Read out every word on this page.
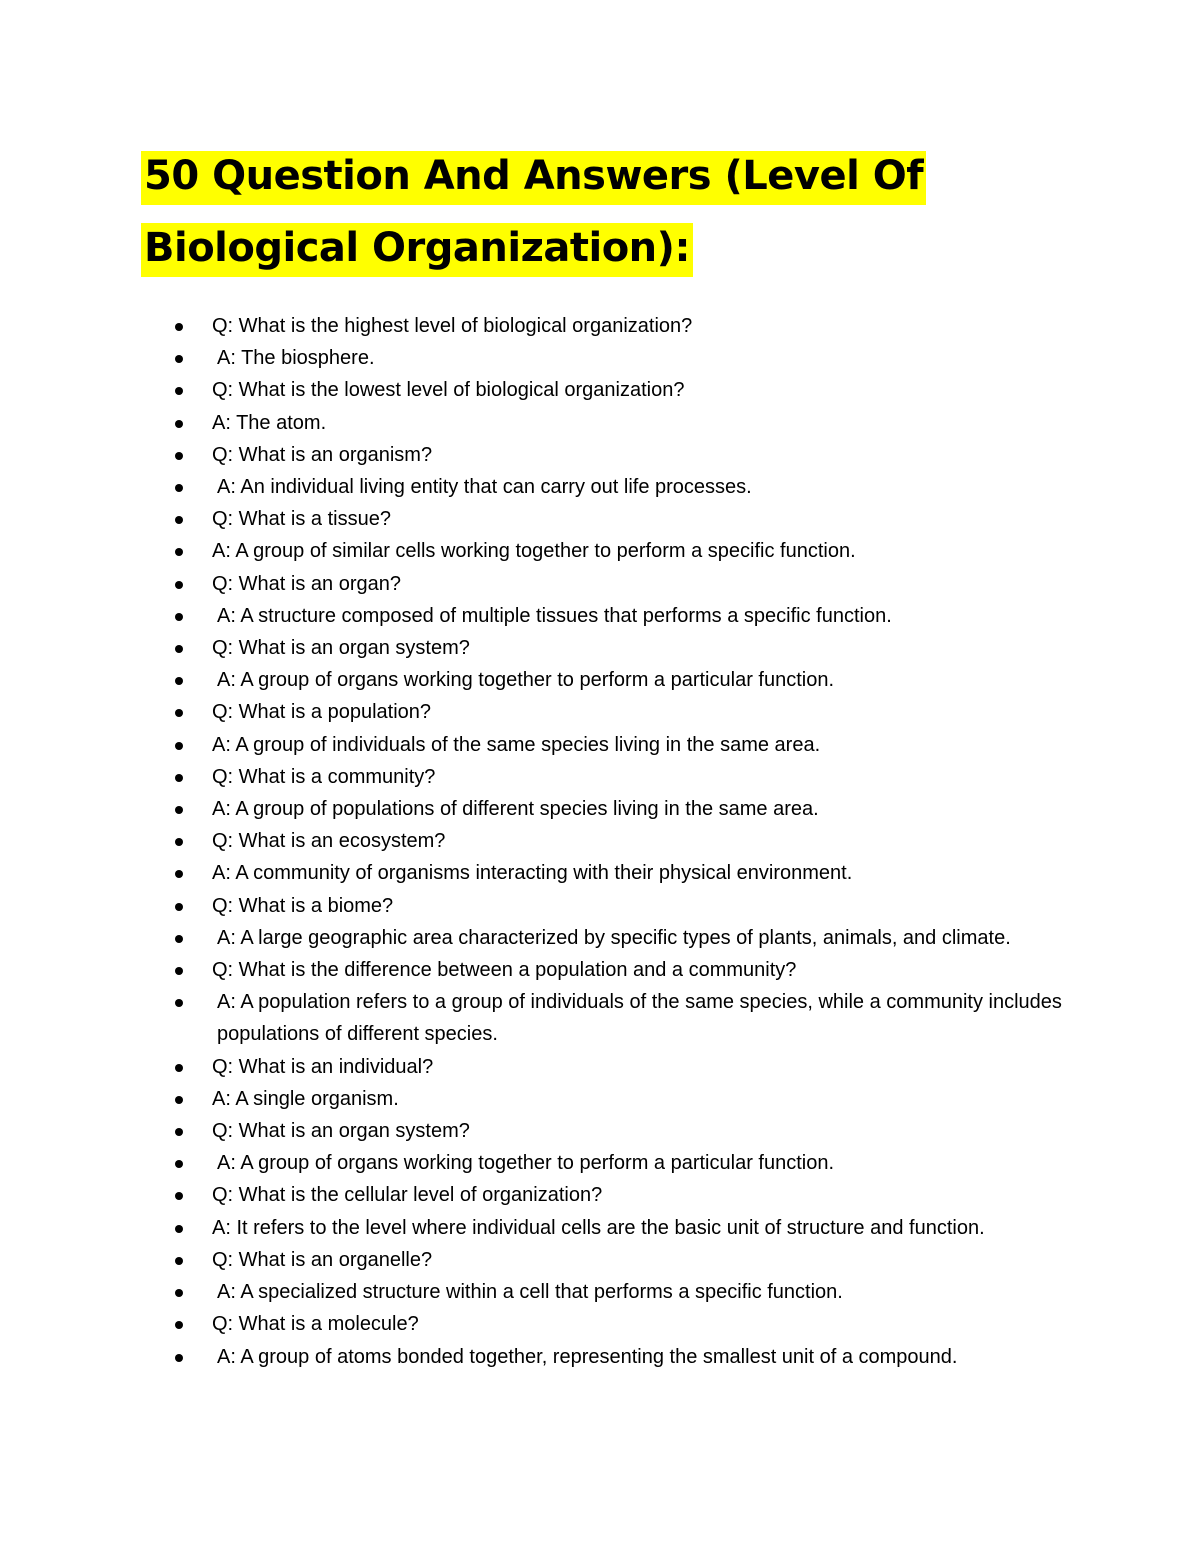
50 Question And Answers (Level Of Biological Organization):
Q: What is the highest level of biological organization?
A: The biosphere.
Q: What is the lowest level of biological organization?
A: The atom.
Q: What is an organism?
A: An individual living entity that can carry out life processes.
Q: What is a tissue?
A: A group of similar cells working together to perform a specific function.
Q: What is an organ?
A: A structure composed of multiple tissues that performs a specific function.
Q: What is an organ system?
A: A group of organs working together to perform a particular function.
Q: What is a population?
A: A group of individuals of the same species living in the same area.
Q: What is a community?
A: A group of populations of different species living in the same area.
Q: What is an ecosystem?
A: A community of organisms interacting with their physical environment.
Q: What is a biome?
A: A large geographic area characterized by specific types of plants, animals, and climate.
Q: What is the difference between a population and a community?
A: A population refers to a group of individuals of the same species, while a community includes populations of different species.
Q: What is an individual?
A: A single organism.
Q: What is an organ system?
A: A group of organs working together to perform a particular function.
Q: What is the cellular level of organization?
A: It refers to the level where individual cells are the basic unit of structure and function.
Q: What is an organelle?
A: A specialized structure within a cell that performs a specific function.
Q: What is a molecule?
A: A group of atoms bonded together, representing the smallest unit of a compound.
